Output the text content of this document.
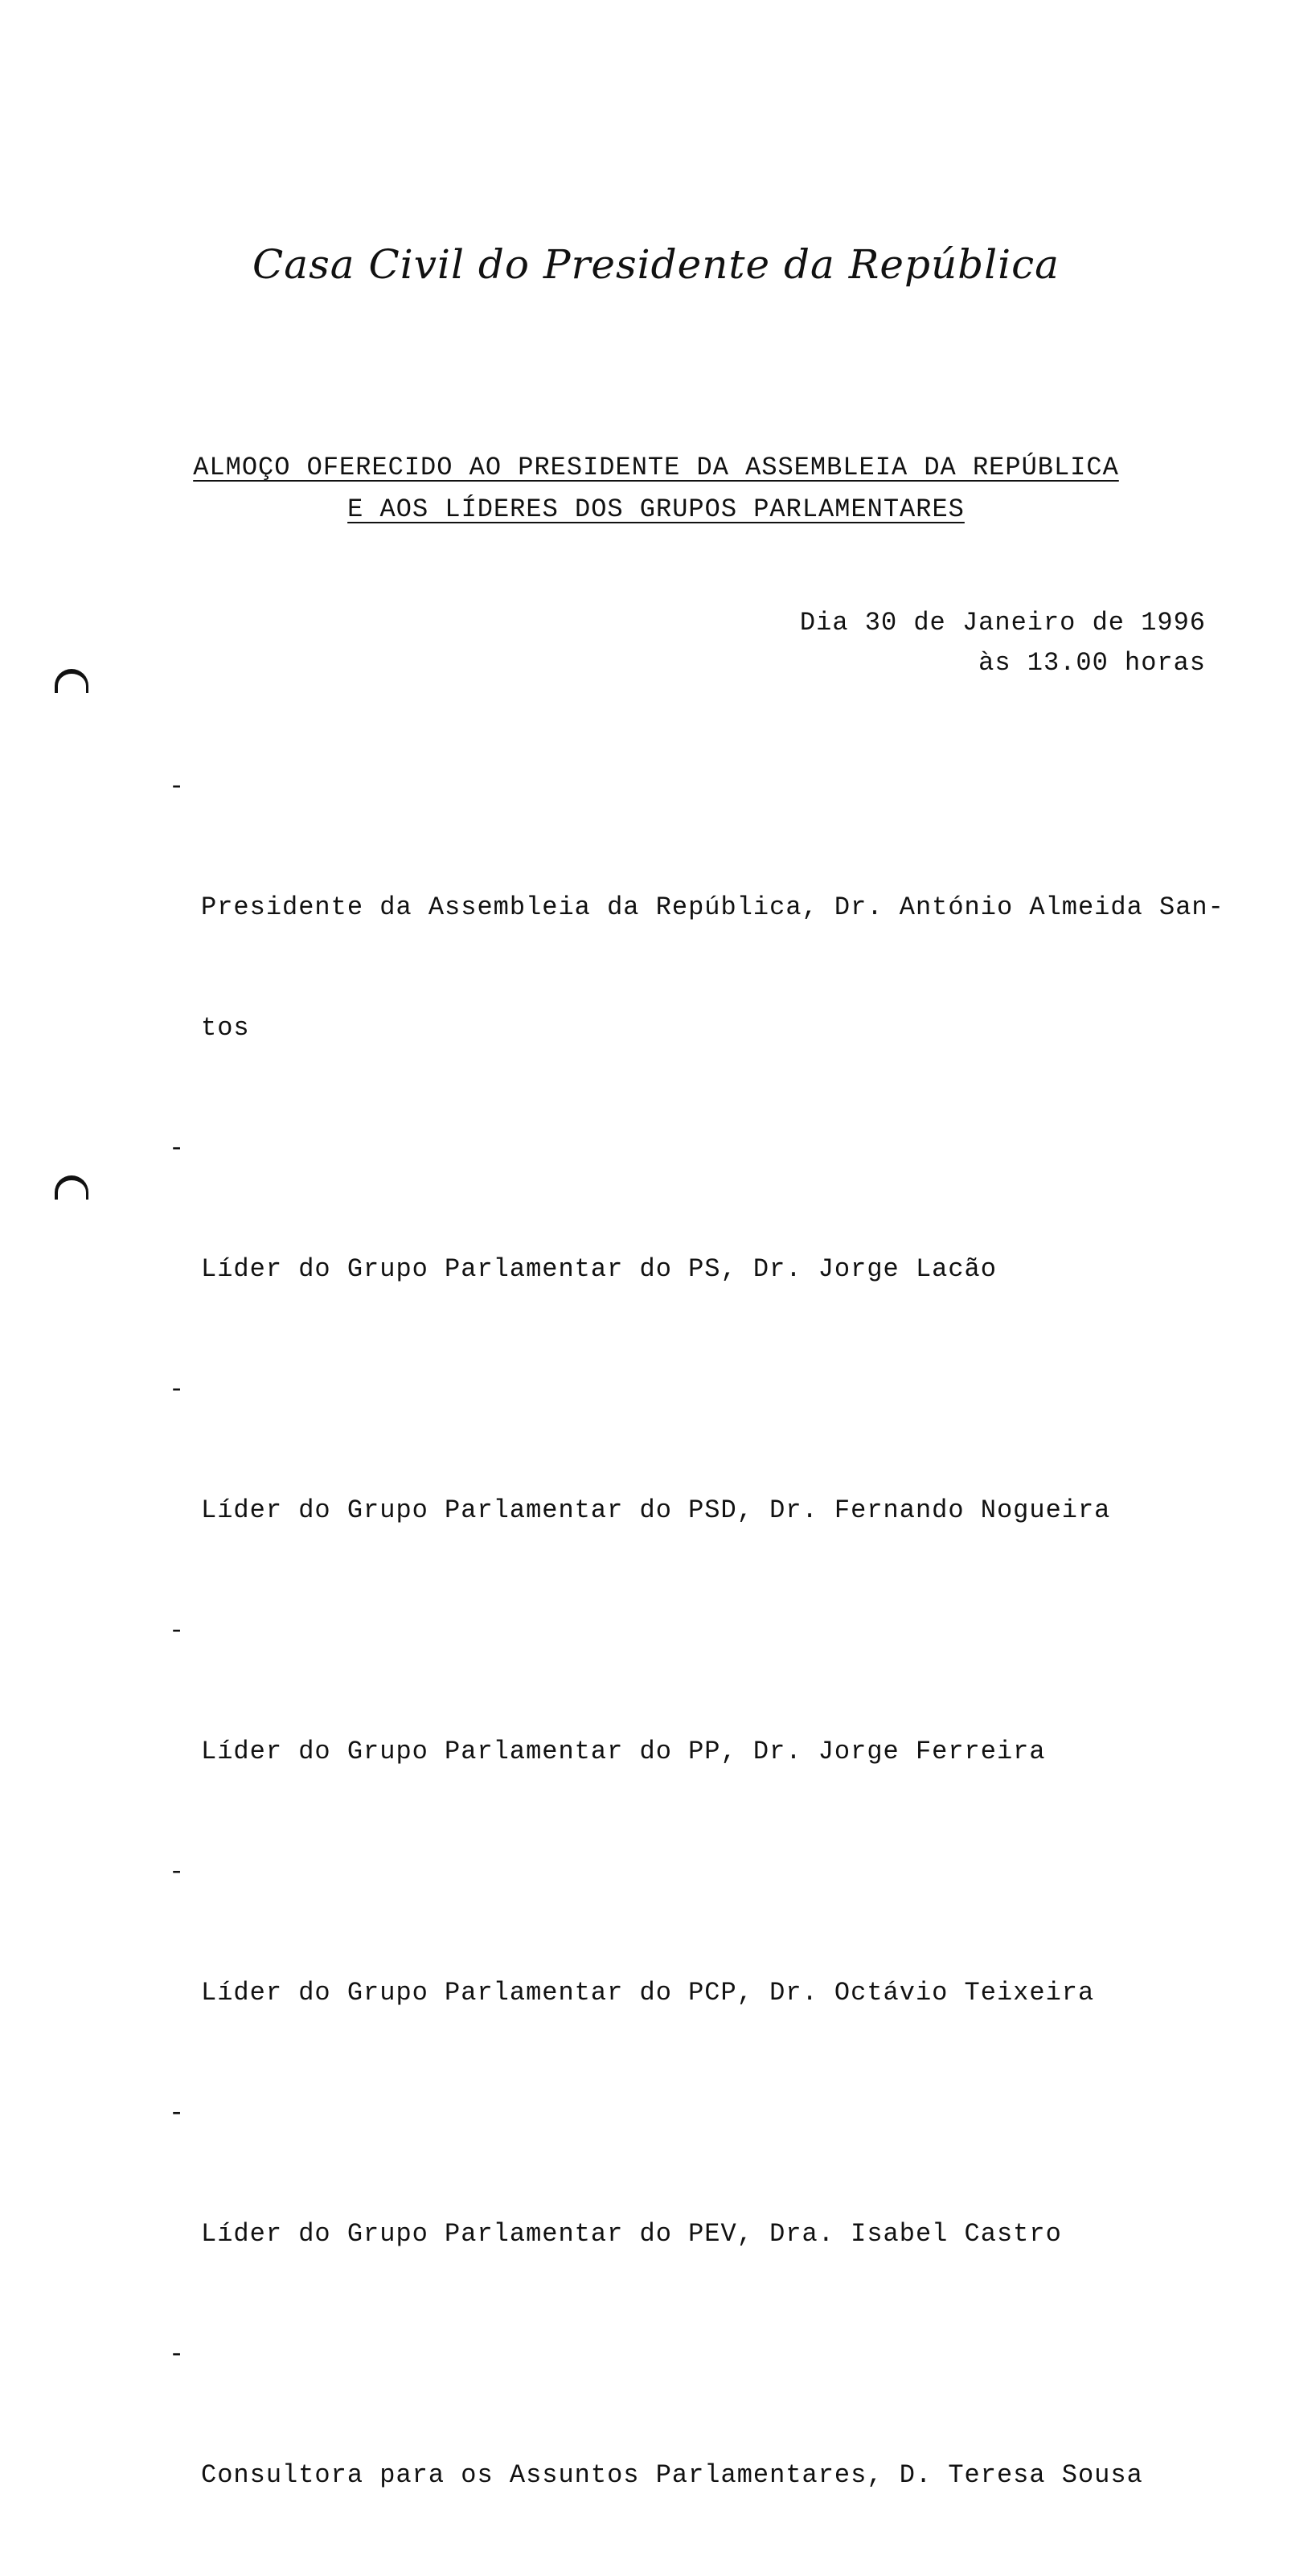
Casa Civil do Presidente da República
ALMOÇO OFERECIDO AO PRESIDENTE DA ASSEMBLEIA DA REPÚBLICA
E AOS LÍDERES DOS GRUPOS PARLAMENTARES
Dia 30 de Janeiro de 1996
às 13.00 horas

-

Presidente da Assembleia da República, Dr. António Almeida San-

tos

-

Líder do Grupo Parlamentar do PS, Dr. Jorge Lacão

-

Líder do Grupo Parlamentar do PSD, Dr. Fernando Nogueira

-

Líder do Grupo Parlamentar do PP, Dr. Jorge Ferreira

-

Líder do Grupo Parlamentar do PCP, Dr. Octávio Teixeira

-

Líder do Grupo Parlamentar do PEV, Dra. Isabel Castro

-

Consultora para os Assuntos Parlamentares, D. Teresa Sousa
